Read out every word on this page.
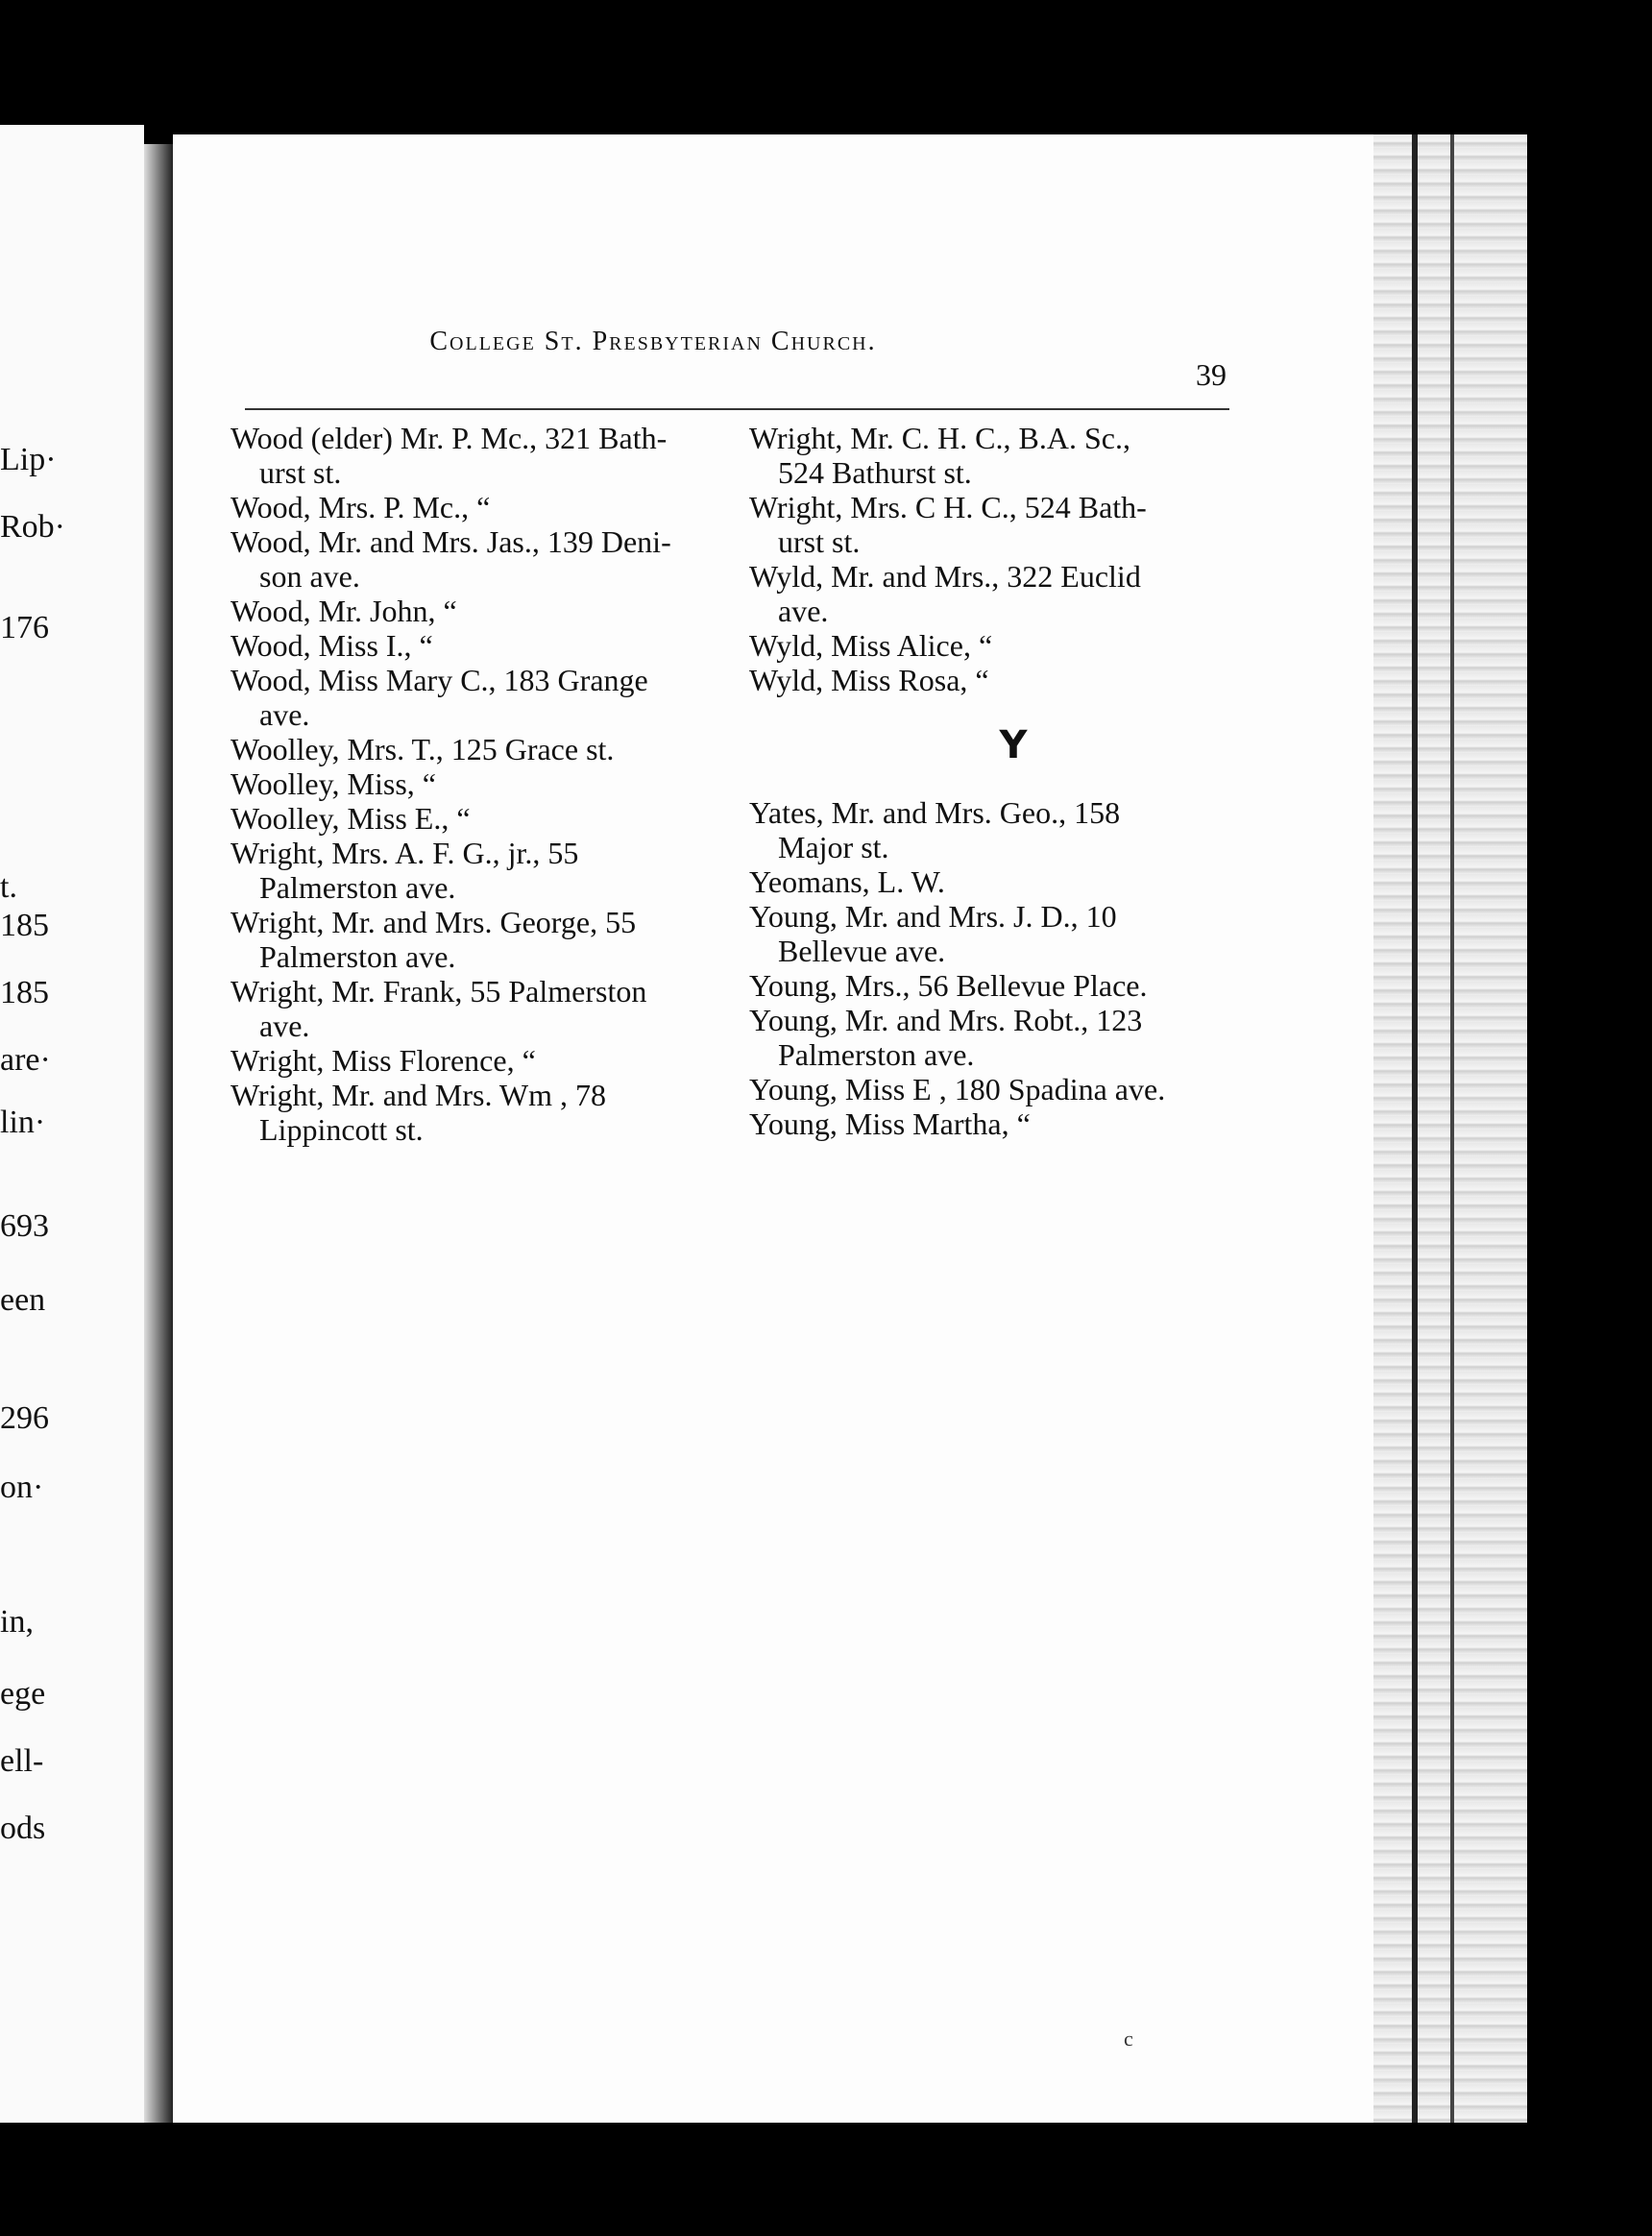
Lip·
Rob·
176
t.
185
185
are·
lin·
693
een
296
on·
in,
ege
ell-
ods
College St. Presbyterian Church.
39
Wood (elder) Mr. P. Mc., 321 Bath-
urst st.
Wood, Mrs. P. Mc., “
Wood, Mr. and Mrs. Jas., 139 Deni-
son ave.
Wood, Mr. John, “
Wood, Miss I., “
Wood, Miss Mary C., 183 Grange
ave.
Woolley, Mrs. T., 125 Grace st.
Woolley, Miss, “
Woolley, Miss E., “
Wright, Mrs. A. F. G., jr., 55
Palmerston ave.
Wright, Mr. and Mrs. George, 55
Palmerston ave.
Wright, Mr. Frank, 55 Palmerston
ave.
Wright, Miss Florence, “
Wright, Mr. and Mrs. Wm , 78
Lippincott st.
Wright, Mr. C. H. C., B.A. Sc.,
524 Bathurst st.
Wright, Mrs. C H. C., 524 Bath-
urst st.
Wyld, Mr. and Mrs., 322 Euclid
ave.
Wyld, Miss Alice, “
Wyld, Miss Rosa, “
Y
Yates, Mr. and Mrs. Geo., 158
Major st.
Yeomans, L. W.
Young, Mr. and Mrs. J. D., 10
Bellevue ave.
Young, Mrs., 56 Bellevue Place.
Young, Mr. and Mrs. Robt., 123
Palmerston ave.
Young, Miss E , 180 Spadina ave.
Young, Miss Martha, “
c
